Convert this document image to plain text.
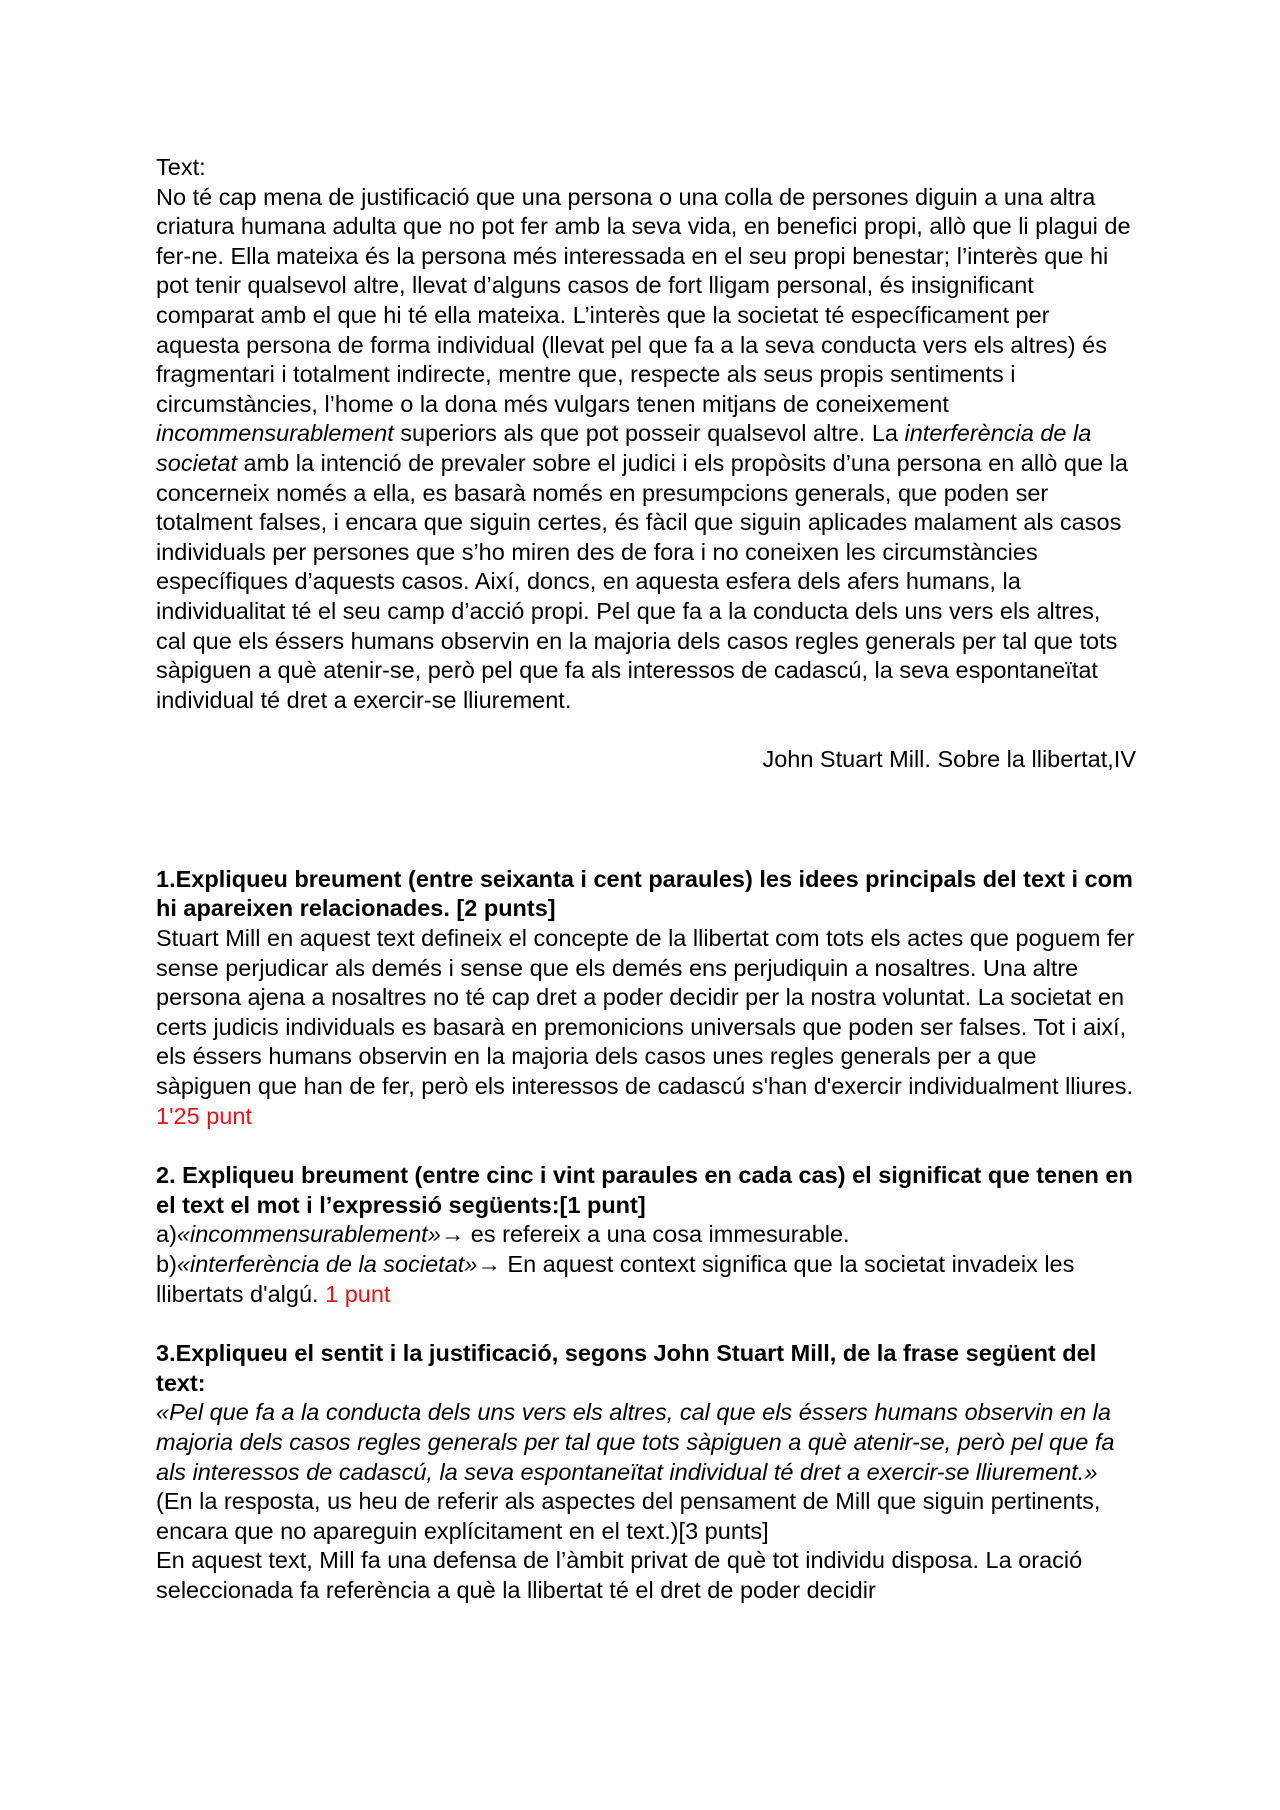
Text:

No té cap mena de justificació que una persona o una colla de persones diguin a una altra criatura humana adulta que no pot fer amb la seva vida, en benefici propi, allò que li plagui de fer-ne. Ella mateixa és la persona més interessada en el seu propi benestar; l’interès que hi pot tenir qualsevol altre, llevat d’alguns casos de fort lligam personal, és insignificant comparat amb el que hi té ella mateixa. L’interès que la societat té específicament per aquesta persona de forma individual (llevat pel que fa a la seva conducta vers els altres) és fragmentari i totalment indirecte, mentre que, respecte als seus propis sentiments i circumstàncies, l’home o la dona més vulgars tenen mitjans de coneixement incommensurablement superiors als que pot posseir qualsevol altre. La interferència de la societat amb la intenció de prevaler sobre el judici i els propòsits d’una persona en allò que la concerneix només a ella, es basarà només en presumpcions generals, que poden ser totalment falses, i encara que siguin certes, és fàcil que siguin aplicades malament als casos individuals per persones que s’ho miren des de fora i no coneixen les circumstàncies específiques d’aquests casos. Així, doncs, en aquesta esfera dels afers humans, la individualitat té el seu camp d’acció propi. Pel que fa a la conducta dels uns vers els altres, cal que els éssers humans observin en la majoria dels casos regles generals per tal que tots sàpiguen a què atenir-se, però pel que fa als interessos de cadascú, la seva espontaneïtat individual té dret a exercir-se lliurement.

John Stuart Mill. Sobre la llibertat,IV

1.Expliqueu breument (entre seixanta i cent paraules) les idees principals del text i com hi apareixen relacionades. [2 punts]

Stuart Mill en aquest text defineix el concepte de la llibertat com tots els actes que poguem fer sense perjudicar als demés i sense que els demés ens perjudiquin a nosaltres. Una altre persona ajena a nosaltres no té cap dret a poder decidir per la nostra voluntat. La societat en certs judicis individuals es basarà en premonicions universals que poden ser falses. Tot i així, els éssers humans observin en la majoria dels casos unes regles generals per a que sàpiguen que han de fer, però els interessos de cadascú s'han d'exercir individualment lliures. 1'25 punt

2. Expliqueu breument (entre cinc i vint paraules en cada cas) el significat que tenen en el text el mot i l’expressió següents:[1 punt]

a)«incommensurablement»→ es refereix a una cosa immesurable.

b)«interferència de la societat»→ En aquest context significa que la societat invadeix les llibertats d'algú. 1 punt

3.Expliqueu el sentit i la justificació, segons John Stuart Mill, de la frase següent del text:

«Pel que fa a la conducta dels uns vers els altres, cal que els éssers humans observin en la majoria dels casos regles generals per tal que tots sàpiguen a què atenir-se, però pel que fa als interessos de cadascú, la seva espontaneïtat individual té dret a exercir-se lliurement.»

(En la resposta, us heu de referir als aspectes del pensament de Mill que siguin pertinents, encara que no apareguin explícitament en el text.)[3 punts]

En aquest text, Mill fa una defensa de l’àmbit privat de què tot individu disposa. La oració seleccionada fa referència a què la llibertat té el dret de poder decidir
